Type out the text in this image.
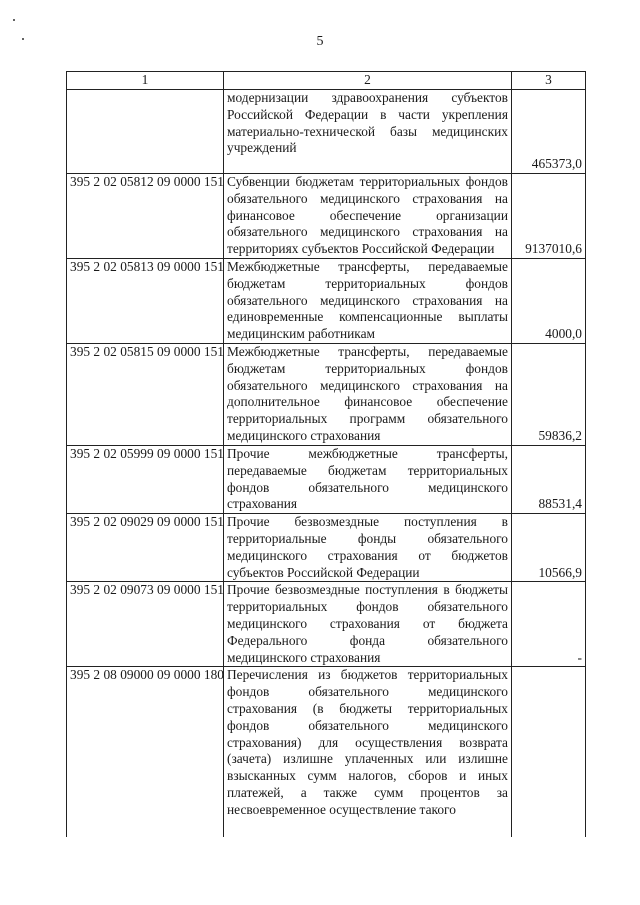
5
1	2	3
	модернизации здравоохранения субъектов Российской Федерации в части укрепления материально-технической базы медицинских учреждений	465373,0
395 2 02 05812 09 0000 151	Субвенции бюджетам территориальных фондов обязательного медицинского страхования на финансовое обеспечение организации обязательного медицинского страхования на территориях субъектов Российской Федерации	9137010,6
395 2 02 05813 09 0000 151	Межбюджетные трансферты, передаваемые бюджетам территориальных фондов обязательного медицинского страхования на единовременные компенсационные выплаты медицинским работникам	4000,0
395 2 02 05815 09 0000 151	Межбюджетные трансферты, передаваемые бюджетам территориальных фондов обязательного медицинского страхования на дополнительное финансовое обеспечение территориальных программ обязательного медицинского страхования	59836,2
395 2 02 05999 09 0000 151	Прочие межбюджетные трансферты, передаваемые бюджетам территориальных фондов обязательного медицинского страхования	88531,4
395 2 02 09029 09 0000 151	Прочие безвозмездные поступления в территориальные фонды обязательного медицинского страхования от бюджетов субъектов Российской Федерации	10566,9
395 2 02 09073 09 0000 151	Прочие безвозмездные поступления в бюджеты территориальных фондов обязательного медицинского страхования от бюджета Федерального фонда обязательного медицинского страхования	-
395 2 08 09000 09 0000 180	Перечисления из бюджетов территориальных фондов обязательного медицинского страхования (в бюджеты территориальных фондов обязательного медицинского страхования) для осуществления возврата (зачета) излишне уплаченных или излишне взысканных сумм налогов, сборов и иных платежей, а также сумм процентов за несвоевременное осуществление такого	
